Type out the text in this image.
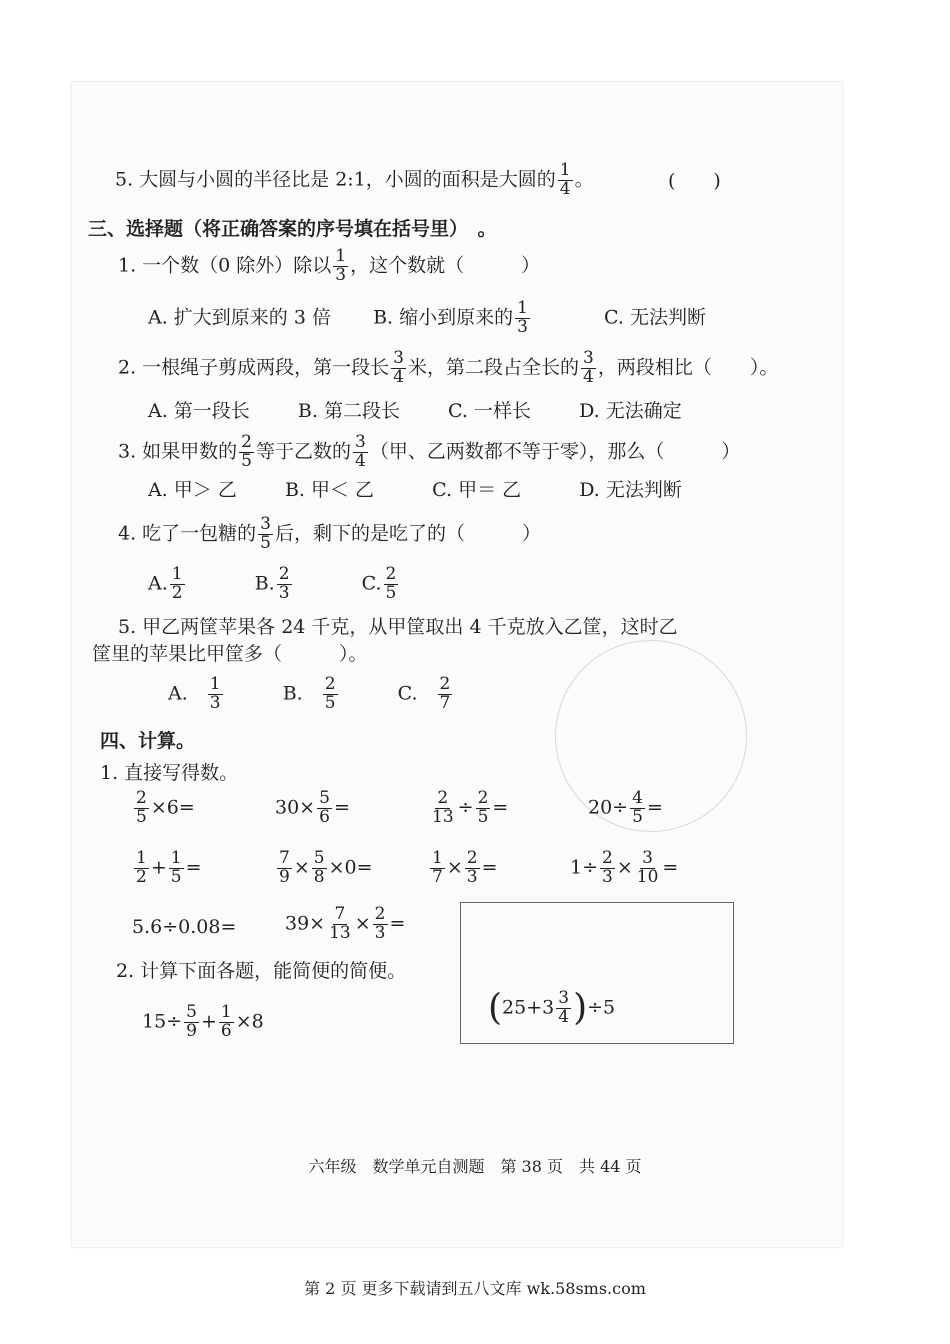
5. 大圆与小圆的半径比是 2:1，小圆的面积是大圆的 $\frac{1}{4}$ 。	(　　)
三、选择题（将正确答案的序号填在括号里）　。
1. 一个数（0 除外）除以 $\frac{1}{3}$ ，这个数就（　　　）
A. 扩大到原来的 3 倍 B. 缩小到原来的 $\frac{1}{3}$	C. 无法判断
2. 一根绳子剪成两段，第一段长 $\frac{3}{4}$ 米，第二段占全长的 $\frac{3}{4}$ ，两段相比（　　）。
A. 第一段长	B. 第二段长	C. 一样长	D. 无法确定
3. 如果甲数的 $\frac{2}{5}$ 等于乙数的 $\frac{3}{4}$ （甲、乙两数都不等于零），那么（　　　）
A. 甲＞ 乙	B. 甲＜ 乙	C. 甲＝ 乙	D. 无法判断
4. 吃了一包糖的 $\frac{3}{5}$ 后，剩下的是吃了的（　　　）
A. $\frac{1}{2}$	B. $\frac{2}{3}$	C. $\frac{2}{5}$
5. 甲乙两筐苹果各 24 千克，从甲筐取出 4 千克放入乙筐，这时乙
筐里的苹果比甲筐多（　　　）。
A. $\frac{1}{3}$	B. $\frac{2}{5}$	C. $\frac{2}{7}$
四、计算。
1. 直接写得数。
$\frac{2}{5} \times 6=$	$30\times \frac{5}{6}$ =	$\frac{2}{13} \div \frac{2}{5}$ =	$20\div \frac{4}{5}$ =
$\frac{1}{2} + \frac{1}{5}$ =	$\frac{7}{9} \times \frac{5}{8} \times 0=$	$\frac{1}{7} \times \frac{2}{3}$ =	$1\div \frac{2}{3} \times \frac{3}{10}$ =
5.6÷0.08=	$39\times \frac{7}{13} \times \frac{2}{3}$ =
2. 计算下面各题，能简便的简便。
$15\div \frac{5}{9} + \frac{1}{6} \times 8$	$(25+3 \frac{3}{4} )\div 5$
六年级　数学单元自测题　第 38 页　共 44 页
第 2 页 更多下载请到五八文库 wk.58sms.com
